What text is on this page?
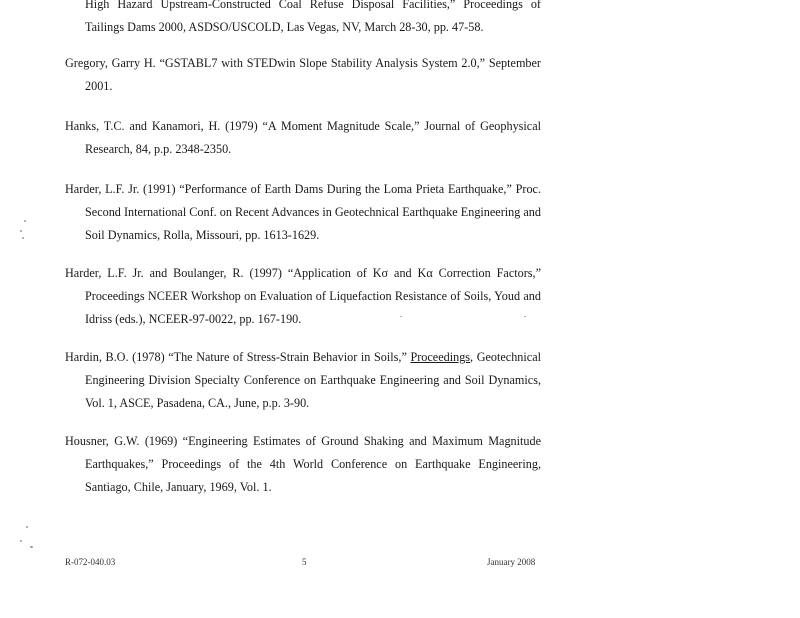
High Hazard Upstream-Constructed Coal Refuse Disposal Facilities,” Proceedings of
Tailings Dams 2000, ASDSO/USCOLD, Las Vegas, NV, March 28-30, pp. 47-58.
Gregory, Garry H. “GSTABL7 with STEDwin Slope Stability Analysis System 2.0,” September
2001.
Hanks, T.C. and Kanamori, H. (1979) “A Moment Magnitude Scale,” Journal of Geophysical
Research, 84, p.p. 2348-2350.
Harder, L.F. Jr. (1991) “Performance of Earth Dams During the Loma Prieta Earthquake,” Proc.
Second International Conf. on Recent Advances in Geotechnical Earthquake Engineering and
Soil Dynamics, Rolla, Missouri, pp. 1613-1629.
Harder, L.F. Jr. and Boulanger, R. (1997) “Application of Kσ and Kα Correction Factors,”
Proceedings NCEER Workshop on Evaluation of Liquefaction Resistance of Soils, Youd and
Idriss (eds.), NCEER-97-0022, pp. 167-190.
Hardin, B.O. (1978) “The Nature of Stress-Strain Behavior in Soils,” Proceedings, Geotechnical
Engineering Division Specialty Conference on Earthquake Engineering and Soil Dynamics,
Vol. 1, ASCE, Pasadena, CA., June, p.p. 3-90.
Housner, G.W. (1969) “Engineering Estimates of Ground Shaking and Maximum Magnitude
Earthquakes,” Proceedings of the 4th World Conference on Earthquake Engineering,
Santiago, Chile, January, 1969, Vol. 1.
R-072-040.03	5	January 2008
